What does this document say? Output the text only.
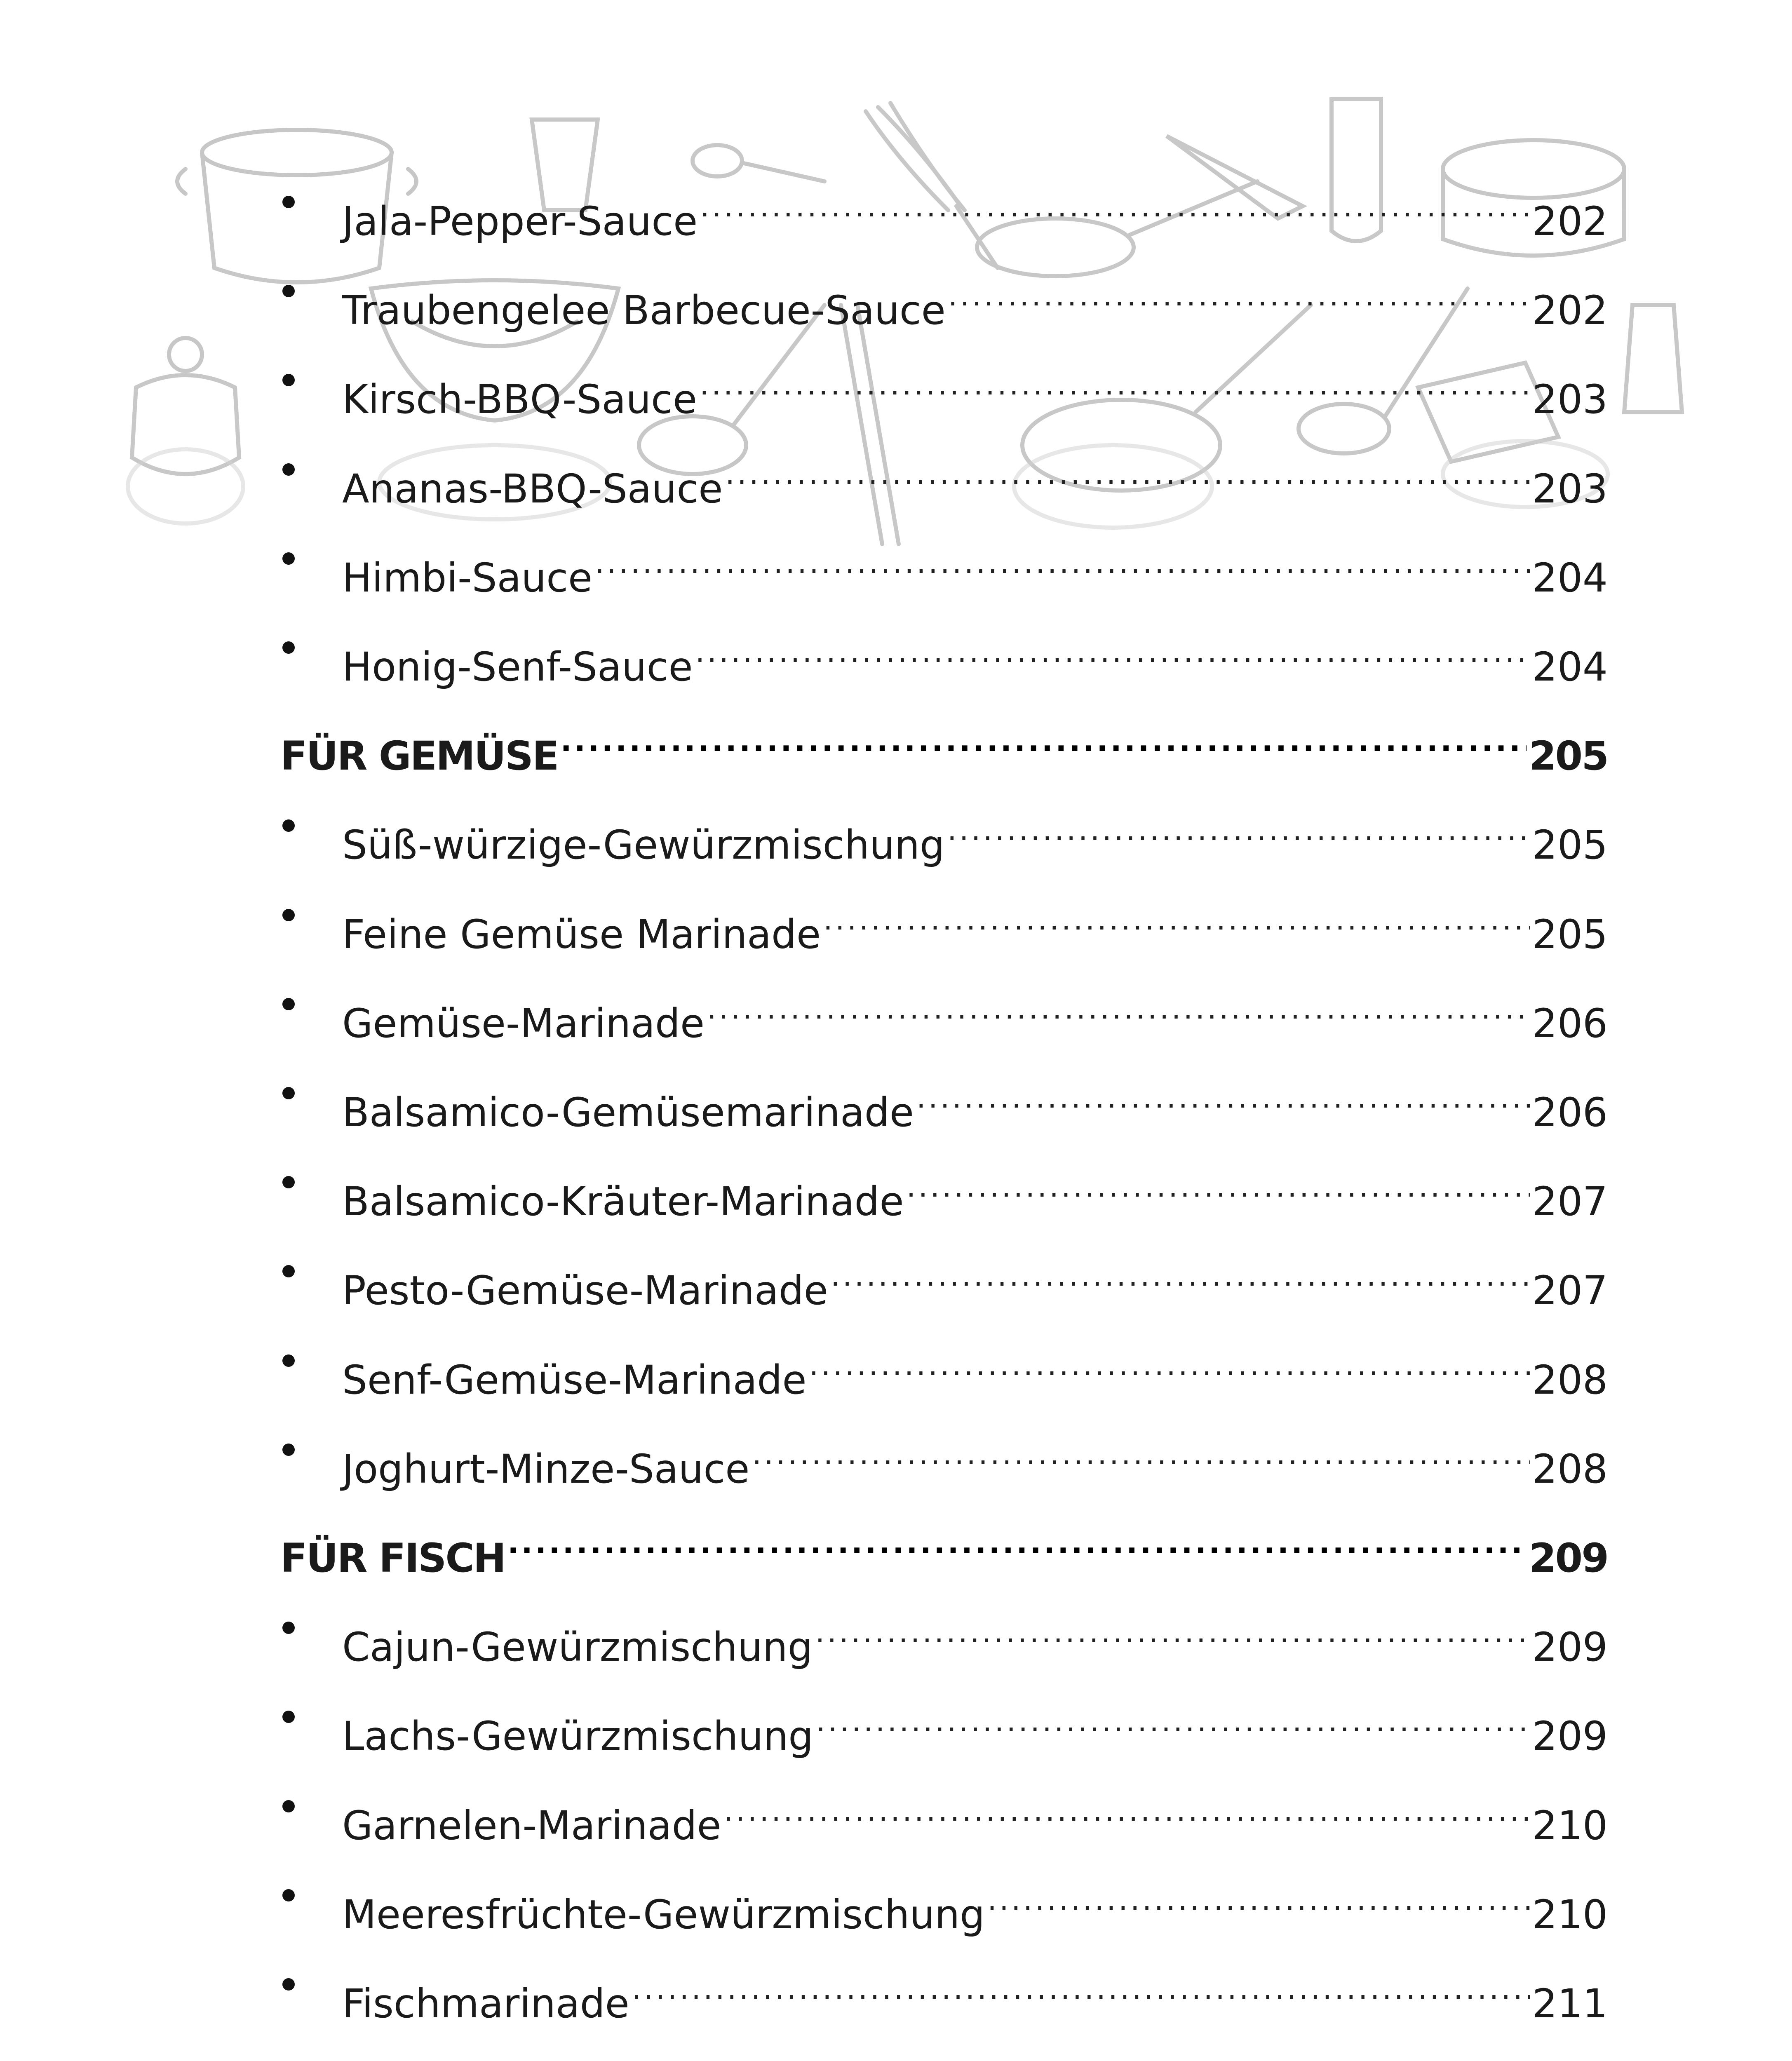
Jala-Pepper-Sauce .....	202
Traubengelee Barbecue-Sauce .....	202
Kirsch-BBQ-Sauce .....	203
Ananas-BBQ-Sauce .....	203
Himbi-Sauce .....	204
Honig-Senf-Sauce .....	204
FÜR GEMÜSE .....	205
Süß-würzige-Gewürzmischung .....	205
Feine Gemüse Marinade .....	205
Gemüse-Marinade .....	206
Balsamico-Gemüsemarinade .....	206
Balsamico-Kräuter-Marinade .....	207
Pesto-Gemüse-Marinade .....	207
Senf-Gemüse-Marinade .....	208
Joghurt-Minze-Sauce .....	208
FÜR FISCH .....	209
Cajun-Gewürzmischung .....	209
Lachs-Gewürzmischung .....	209
Garnelen-Marinade .....	210
Meeresfrüchte-Gewürzmischung .....	210
Fischmarinade .....	211
.....
